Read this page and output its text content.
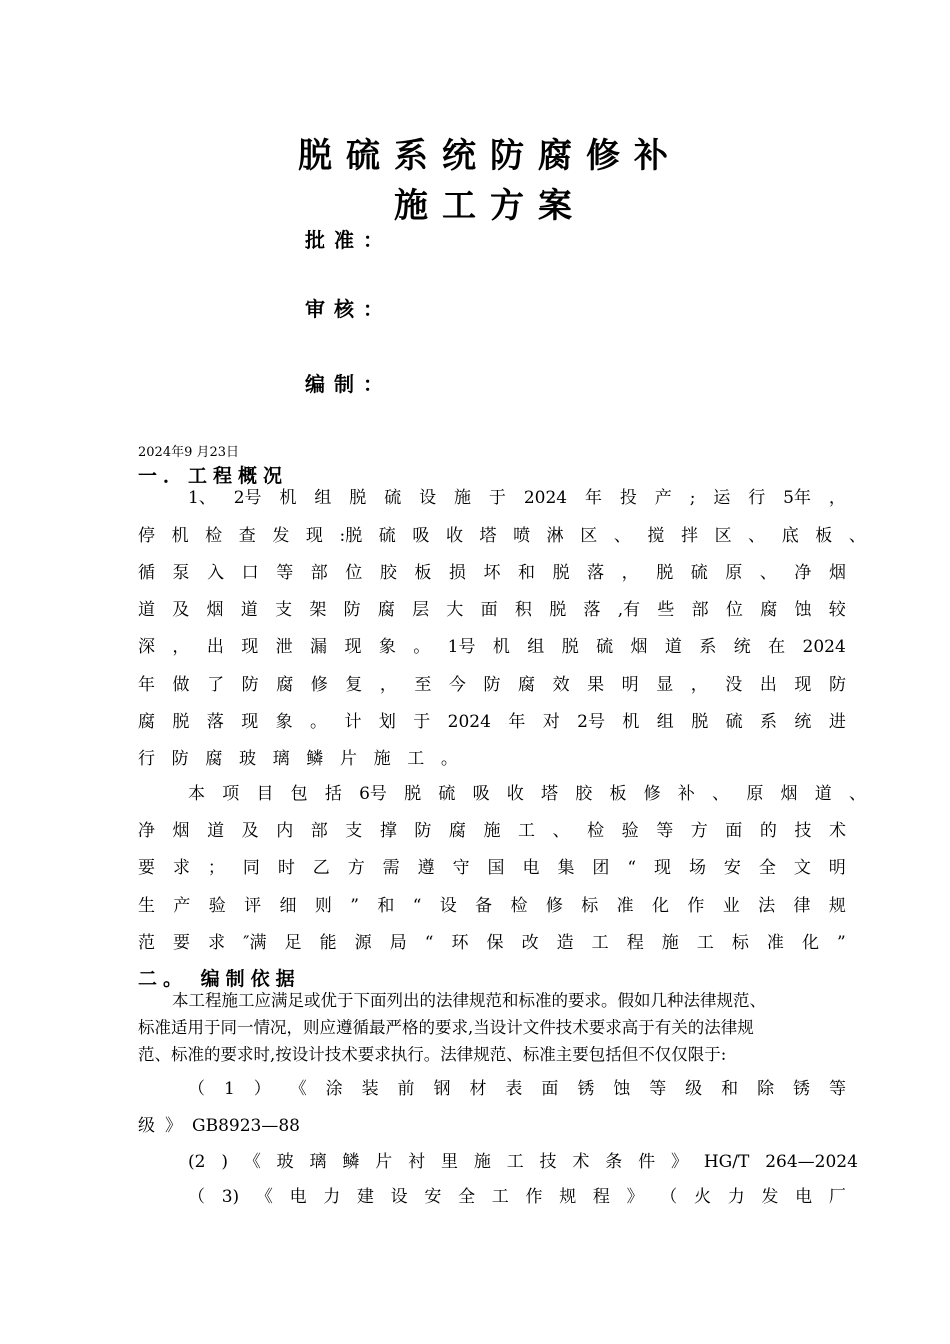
脱硫系统防腐修补
施工方案
批准：
审核：
编制：
2024年9 月23日
一．工程概况
1、 2号 机 组 脱 硫 设 施 于 2024 年 投 产 ; 运 行 5年 ，
停 机 检 查 发 现 :脱 硫 吸 收 塔 喷 淋 区 、 搅 拌 区 、 底 板 、
循 泵 入 口 等 部 位 胶 板 损 坏 和 脱 落 ， 脱 硫 原 、 净 烟
道 及 烟 道 支 架 防 腐 层 大 面 积 脱 落 ,有 些 部 位 腐 蚀 较
深 ， 出 现 泄 漏 现 象 。 1号 机 组 脱 硫 烟 道 系 统 在 2024
年 做 了 防 腐 修 复 ， 至 今 防 腐 效 果 明 显 ， 没 出 现 防
腐 脱 落 现 象 。 计 划 于 2024 年 对 2号 机 组 脱 硫 系 统 进
行 防 腐 玻 璃 鳞 片 施 工 。
本 项 目 包 括 6号 脱 硫 吸 收 塔 胶 板 修 补 、 原 烟 道 、
净 烟 道 及 内 部 支 撑 防 腐 施 工 、 检 验 等 方 面 的 技 术
要 求 ； 同 时 乙 方 需 遵 守 国 电 集 团 “ 现 场 安 全 文 明
生 产 验 评 细 则 ” 和 “ 设 备 检 修 标 准 化 作 业 法 律 规
范 要 求 ″满 足 能 源 局 “ 环 保 改 造 工 程 施 工 标 准 化 ”
二。 编制依据
本工程施工应满足或优于下面列出的法律规范和标准的要求。假如几种法律规范、
标准适用于同一情况，则应遵循最严格的要求,当设计文件技术要求高于有关的法律规
范、标准的要求时,按设计技术要求执行。法律规范、标准主要包括但不仅仅限于:
（ 1 ） 《 涂 装 前 钢 材 表 面 锈 蚀 等 级 和 除 锈 等
级 》 GB8923—88
(2 ) 《 玻 璃 鳞 片 衬 里 施 工 技 术 条 件 》 HG/T 264—2024
（ 3) 《 电 力 建 设 安 全 工 作 规 程 》 （ 火 力 发 电 厂
